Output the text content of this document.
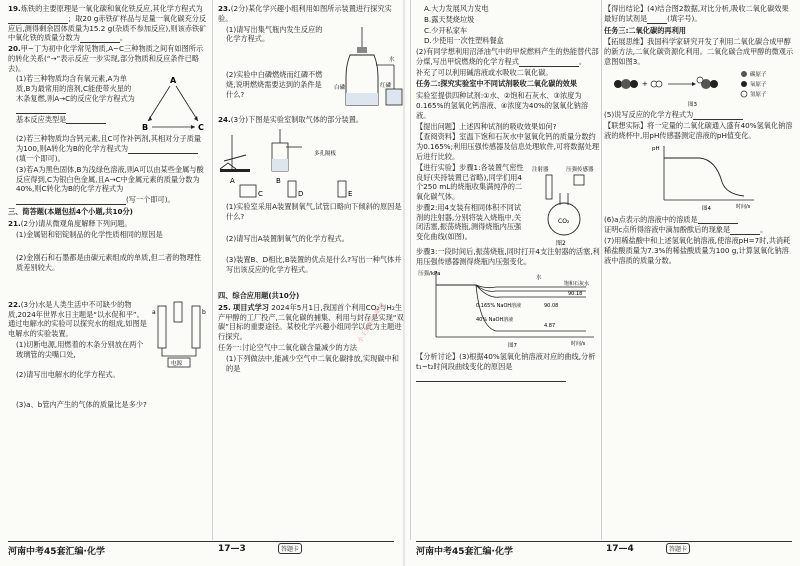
19.炼铁的主要原理是一氧化碳和氧化铁反应,其化学方程式为；取20 g赤铁矿样品与足量一氧化碳充分反应后,测得剩余固体质量为15.2 g(杂质不参加反应),则该赤铁矿中氧化铁的质量分数为	。

20.甲~丁为初中化学常见物质,A~C三种物质之间有如图所示的转化关系(“→”表示反应一步实现,部分物质和反应条件已略去)。

(1)若三种物质均含有氧元素,A为单质,B为最常用的溶剂,C能使带火星的木条复燃,则A→C的反应化学方程式为

基本反应类型是

A
B	C

(2)若三种物质均含钙元素,且C可作补钙剂,其相对分子质量为100,则A转化为B的化学方程式为(填一个即可)。

(3)若A为黑色固体,B为浅绿色溶液,则A可以由某些金属与酸反应得到,C为银白色金属,且A→C中金属元素的质量分数为40%,则C转化为B的化学方程式为

(写一个即可)。

三、简答题(本题包括4个小题,共10分)

21.(2分)请从微观角度解释下列问题。

(1)金属铝和铝锭制品的化学性质相同的原因是

(2)金刚石和石墨都是由碳元素组成的单质,但二者的物理性质差别较大。

22.(3分)水是人类生活中不可缺少的物质,2024年世界水日主题是“以水促和平”。通过电解水的实验可以探究水的组成,如图是电解水的实验装置。

(1)切断电源,用燃着的木条分别放在两个玻璃管的尖嘴口处,

a	b
电源

(2)请写出电解水的化学方程式。

(3)a、b管内产生的气体的质量比是多少?

23.(2分)某化学兴趣小组利用如图所示装置进行探究实验。

(1)请写出集气瓶内发生反应的化学方程式。

(2)实验中白磷燃烧而红磷不燃烧,说明燃烧需要达到的条件是什么?

白磷
水
红磷

24.(3分)下图是实验室制取气体的部分装置。

A	B
多孔隔板
C	D	E

(1)实验室采用A装置制氧气,试管口略向下倾斜的原因是什么?

(2)请写出A装置制氧气的化学方程式。

(3)装置B、D相比,B装置的优点是什么?写出一种气体并写出该反应的化学方程式。

四、综合应用题(共10分)

25. 项目式学习 2024年5月1日,我国首个利用CO₂与H₂生产甲醇的工厂投产,二氧化碳的捕集、利用与封存是实现“双碳”目标的重要途径。某校化学兴趣小组同学以此为主题进行探究。

任务一:讨论空气中二氧化碳含量减少的方法

(1)下列做法中,能减少空气中二氧化碳排放,实现碳中和的是

A.大力发展风力发电

B.露天焚烧垃圾

C.少开私家车

D.少使用一次性塑料餐盒

(2)有同学想利用沼泽油气中的甲烷燃料产生的热能替代部分煤,写出甲烷燃烧的化学方程式	。

补充了可以利用碱溶液或水吸收二氧化碳。

任务二:探究实验室中不同试剂吸收二氧化碳的效果

实验室提供四种试剂:①水、②饱和石灰水、③浓度为0.165%的氢氧化钙溶液、④浓度为40%的氢氧化钠溶液。

【提出问题】上述四种试剂的吸收效果如何?

【查阅资料】室温下饱和石灰水中氢氧化钙的质量分数约为0.165%;利用压强传感器及信息处理软件,可将数据处理后进行比较。

【进行实验】步骤1:各装置气密性良好(夹持装置已省略),同学们用4个250 mL的烧瓶收集满纯净的二氧化碳气体。

步骤2:用4支装有相同体积不同试剂的注射器,分别将装入烧瓶中,关闭活塞,振荡烧瓶,测得烧瓶内压强变化曲线(如图)。

注射器	压强传感器
CO₂
图2

步骤3:一段时间后,振荡烧瓶,同时打开4支注射器的活塞,利用压强传感器测得烧瓶内压强变化。

压强/kPa
水
饱和石灰水
0.165% NaOH溶液
40% NaOH溶液
90.18
90.08
4.87
时间/s
图7

【分析讨论】(3)根据40%氢氧化钠溶液对应的曲线,分析t₁~t₂时间段曲线变化的原因是

【得出结论】(4)结合图2数据,对比分析,吸收二氧化碳效果最好的试剂是	(填字号)。

任务三:二氧化碳的再利用

【拓展思维】我国科学家研究开发了利用二氧化碳合成甲醇的新方法,二氧化碳资源化利用。二氧化碳合成甲醇的微观示意图如图3。

+
碳原子
氧原子
氢原子
图3

(5)说写反应的化学方程式为

【联想实际】将一定量的二氧化碳通入盛有40%氢氧化钠溶液的烧杯中,用pH传感器测定溶液的pH值变化。

pH
时间/s
图4

(6)a点表示的溶液中的溶质是

证明c点所得溶液中滴加酚酞后的现象是	。

(7)用稀盐酸中和上述氢氧化钠溶液,使溶液pH=7时,共消耗稀盐酸质量为7.3%的稀盐酸质量为100 g,计算氢氧化钠溶液中溶质的质量分数。

小王知识专卖店
河南中考45套汇编·化学	17—3	答题卡	河南中考45套汇编·化学	17—4	答题卡
